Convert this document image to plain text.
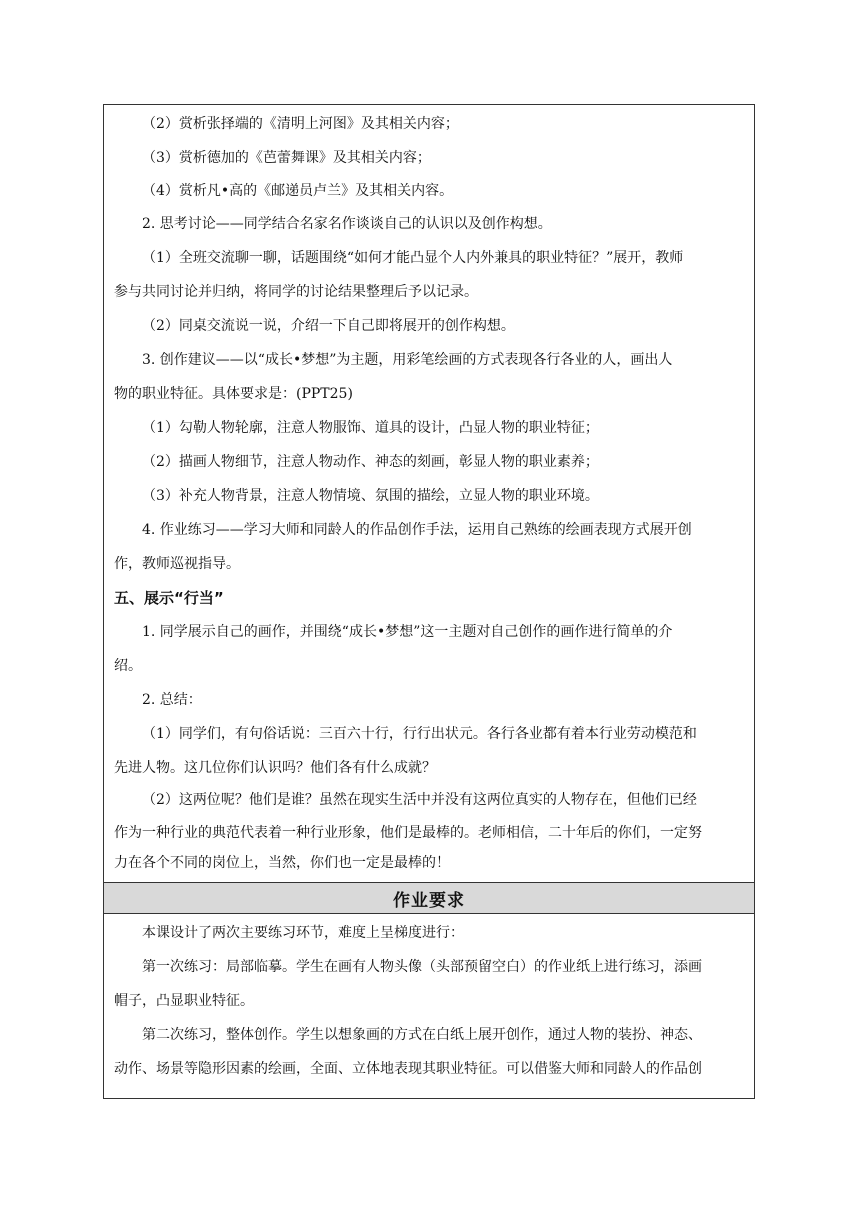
（2）赏析张择端的《清明上河图》及其相关内容；
（3）赏析德加的《芭蕾舞课》及其相关内容；
（4）赏析凡•高的《邮递员卢兰》及其相关内容。
2. 思考讨论——同学结合名家名作谈谈自己的认识以及创作构想。
（1）全班交流聊一聊，话题围绕“如何才能凸显个人内外兼具的职业特征？”展开，教师
参与共同讨论并归纳，将同学的讨论结果整理后予以记录。
（2）同桌交流说一说，介绍一下自己即将展开的创作构想。
3. 创作建议——以“成长•梦想”为主题，用彩笔绘画的方式表现各行各业的人，画出人
物的职业特征。具体要求是：(PPT25)
（1）勾勒人物轮廓，注意人物服饰、道具的设计，凸显人物的职业特征；
（2）描画人物细节，注意人物动作、神态的刻画，彰显人物的职业素养；
（3）补充人物背景，注意人物情境、氛围的描绘，立显人物的职业环境。
4. 作业练习——学习大师和同龄人的作品创作手法，运用自己熟练的绘画表现方式展开创
作，教师巡视指导。
五、展示“行当”
1. 同学展示自己的画作，并围绕“成长•梦想”这一主题对自己创作的画作进行简单的介
绍。
2. 总结：
（1）同学们，有句俗话说：三百六十行，行行出状元。各行各业都有着本行业劳动模范和
先进人物。这几位你们认识吗？他们各有什么成就？
（2）这两位呢？他们是谁？虽然在现实生活中并没有这两位真实的人物存在，但他们已经
作为一种行业的典范代表着一种行业形象，他们是最棒的。老师相信，二十年后的你们，一定努
力在各个不同的岗位上，当然，你们也一定是最棒的！
作业要求
本课设计了两次主要练习环节，难度上呈梯度进行：
第一次练习：局部临摹。学生在画有人物头像（头部预留空白）的作业纸上进行练习，添画
帽子，凸显职业特征。
第二次练习，整体创作。学生以想象画的方式在白纸上展开创作，通过人物的装扮、神态、
动作、场景等隐形因素的绘画，全面、立体地表现其职业特征。可以借鉴大师和同龄人的作品创
